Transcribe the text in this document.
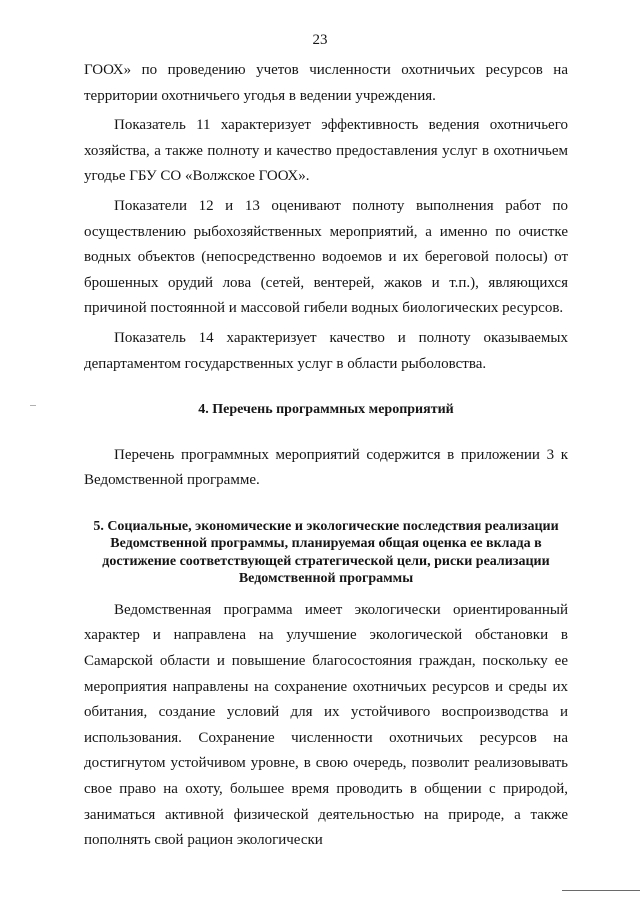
23

ГООХ» по проведению учетов численности охотничьих ресурсов на территории охотничьего угодья в ведении учреждения.

Показатель 11 характеризует эффективность ведения охотничьего хозяйства, а также полноту и качество предоставления услуг в охотничьем угодье ГБУ СО «Волжское ГООХ».

Показатели 12 и 13 оценивают полноту выполнения работ по осуществлению рыбохозяйственных мероприятий, а именно по очистке водных объектов (непосредственно водоемов и их береговой полосы) от брошенных орудий лова (сетей, вентерей, жаков и т.п.), являющихся причиной постоянной и массовой гибели водных биологических ресурсов.

Показатель 14 характеризует качество и полноту оказываемых департаментом государственных услуг в области рыболовства.

4. Перечень программных мероприятий

Перечень программных мероприятий содержится в приложении 3 к Ведомственной программе.

5. Социальные, экономические и экологические последствия реализации Ведомственной программы, планируемая общая оценка ее вклада в достижение соответствующей стратегической цели, риски реализации Ведомственной программы

Ведомственная программа имеет экологически ориентированный характер и направлена на улучшение экологической обстановки в Самарской области и повышение благосостояния граждан, поскольку ее мероприятия направлены на сохранение охотничьих ресурсов и среды их обитания, создание условий для их устойчивого воспроизводства и использования. Сохранение численности охотничьих ресурсов на достигнутом устойчивом уровне, в свою очередь, позволит реализовывать свое право на охоту, большее время проводить в общении с природой, заниматься активной физической деятельностью на природе, а также пополнять свой рацион экологически
